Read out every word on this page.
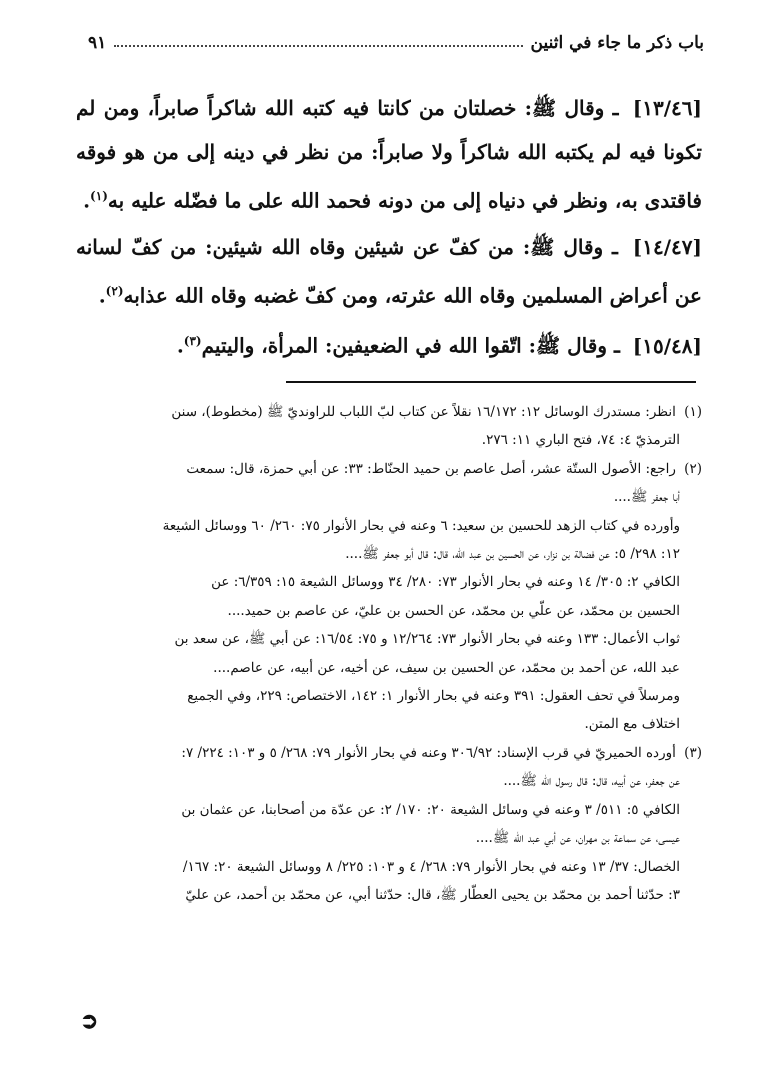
باب ذكر ما جاء في اثنين
٩١

[١٣/٤٦] ـ وقال ﷺ: خصلتان من كانتا فيه كتبه الله شاكراً صابراً، ومن لم تكونا فيه لم يكتبه الله شاكراً ولا صابراً: من نظر في دينه إلى من هو فوقه فاقتدى به، ونظر في دنياه إلى من دونه فحمد الله على ما فضّله عليه به$^{(١)}$.

[١٤/٤٧] ـ وقال ﷺ: من كفّ عن شيئين وقاه الله شيئين: من كفّ لسانه عن أعراض المسلمين وقاه الله عثرته، ومن كفّ غضبه وقاه الله عذابه$^{(٢)}$.

[١٥/٤٨] ـ وقال ﷺ: اتّقوا الله في الضعيفين: المرأة، واليتيم$^{(٣)}$.

(١) انظر: مستدرك الوسائل ١٢: ١٦/١٧٢ نقلاً عن كتاب لبّ اللباب للراونديّ ﷺ (مخطوط)، سنن
الترمذيّ ٤: ٧٤، فتح الباري ١١: ٢٧٦.
(٢) راجع: الأصول الستّة عشر، أصل عاصم بن حميد الحنّاط: ٣٣: عن أبي حمزة، قال: سمعت
أبا جعفر ﷺ....
وأورده في كتاب الزهد للحسين بن سعيد: ٦ وعنه في بحار الأنوار ٧٥: ٢٦٠/ ٦٠ ووسائل الشيعة
١٢: ٢٩٨/ ٥: عن فضالة بن نزار، عن الحسين بن عبد الله، قال: قال أبو جعفر ﷺ....
الكافي ٢: ٣٠٥/ ١٤ وعنه في بحار الأنوار ٧٣: ٢٨٠/ ٣٤ ووسائل الشيعة ١٥: ٦/٣٥٩: عن
الحسين بن محمّد، عن علّي بن محمّد، عن الحسن بن عليّ، عن عاصم بن حميد....
ثواب الأعمال: ١٣٣ وعنه في بحار الأنوار ٧٣: ١٢/٢٦٤ و ٧٥: ١٦/٥٤: عن أبي ﷺ، عن سعد بن
عبد الله، عن أحمد بن محمّد، عن الحسين بن سيف، عن أخيه، عن أبيه، عن عاصم....
ومرسلاً في تحف العقول: ٣٩١ وعنه في بحار الأنوار ١: ١٤٢، الاختصاص: ٢٢٩، وفي الجميع
اختلاف مع المتن.
(٣) أورده الحميريّ في قرب الإسناد: ٣٠٦/٩٢ وعنه في بحار الأنوار ٧٩: ٢٦٨/ ٥ و ١٠٣: ٢٢٤/ ٧:
عن جعفر، عن أبيه، قال: قال رسول الله ﷺ....
الكافي ٥: ٥١١/ ٣ وعنه في وسائل الشيعة ٢٠: ١٧٠/ ٢: عن عدّة من أصحابنا، عن عثمان بن
عيسى، عن سماعة بن مهران، عن أبي عبد الله ﷺ....
الخصال: ٣٧/ ١٣ وعنه في بحار الأنوار ٧٩: ٢٦٨/ ٤ و ١٠٣: ٢٢٥/ ٨ ووسائل الشيعة ٢٠: ١٦٧/
٣: حدّثنا أحمد بن محمّد بن يحيى العطّار ﷺ، قال: حدّثنا أبي، عن محمّد بن أحمد، عن عليّ
➲
